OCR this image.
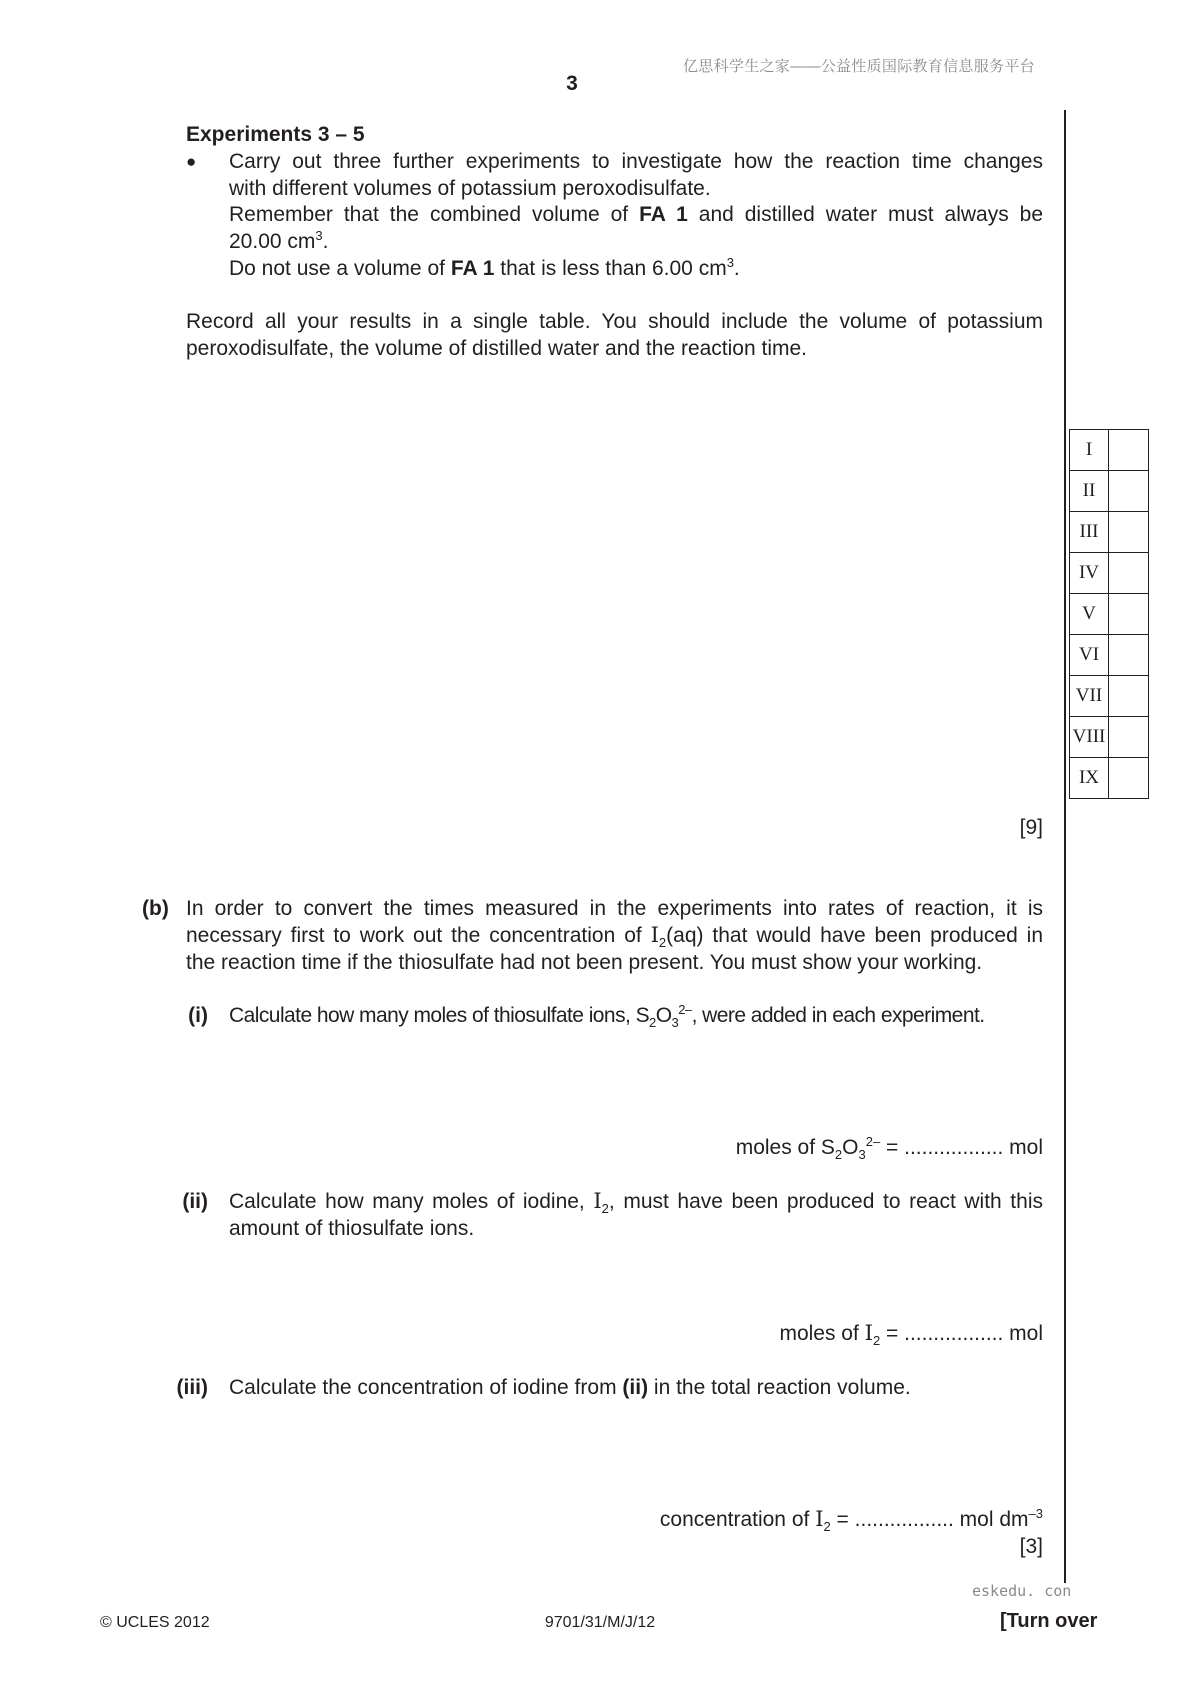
亿思科学生之家——公益性质国际教育信息服务平台
3
I	
II	
III	
IV	
V	
VI	
VII	
VIII	
IX	
Experiments 3 – 5
● Carry out three further experiments to investigate how the reaction time changes
with different volumes of potassium peroxodisulfate.
Remember that the combined volume of FA 1 and distilled water must always be
20.00 $cm^3$.
Do not use a volume of FA 1 that is less than 6.00 $cm^3$.
Record all your results in a single table. You should include the volume of potassium
peroxodisulfate, the volume of distilled water and the reaction time.
[9]
(b) In order to convert the times measured in the experiments into rates of reaction, it is
necessary first to work out the concentration of $I_2(aq)$ that would have been produced in
the reaction time if the thiosulfate had not been present. You must show your working.
(i) Calculate how many moles of thiosulfate ions, $S_2O_3^{2-}$, were added in each experiment.
moles of $S_2O_3^{2-}$ = ................. mol
(ii) Calculate how many moles of iodine, $I_2$, must have been produced to react with this
amount of thiosulfate ions.
moles of $I_2$ = ................. mol
(iii) Calculate the concentration of iodine from (ii) in the total reaction volume.
concentration of $I_2$ = ................. mol $dm^{-3}$
[3]
eskedu. con
© UCLES 2012	9701/31/M/J/12	[Turn over
